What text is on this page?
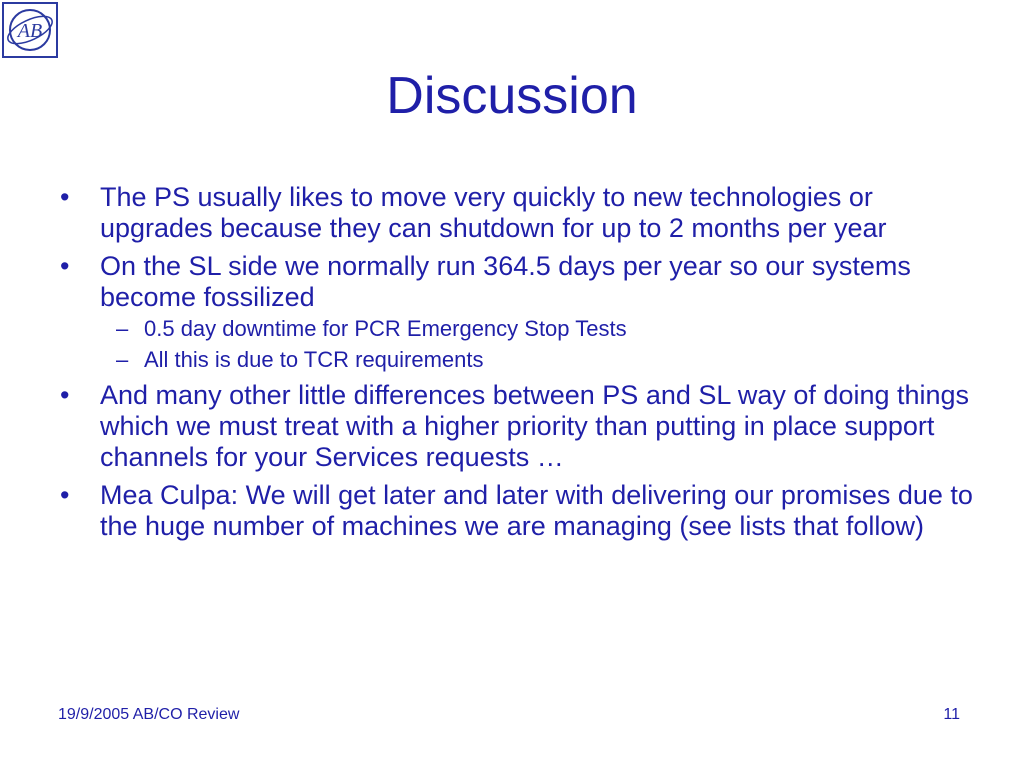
AB
Discussion
•	The PS usually likes to move very quickly to new technologies or upgrades because they can shutdown for up to 2 months per year
•	On the SL side we normally run 364.5 days per year so our systems become fossilized
– 0.5 day downtime for PCR Emergency Stop Tests
– All this is due to TCR requirements
•	And many other little differences between PS and SL way of doing things which we must treat with a higher priority than putting in place support channels for your Services requests …
•	Mea Culpa: We will get later and later with delivering our promises due to the huge number of machines we are managing (see lists that follow)
19/9/2005 AB/CO Review	11
